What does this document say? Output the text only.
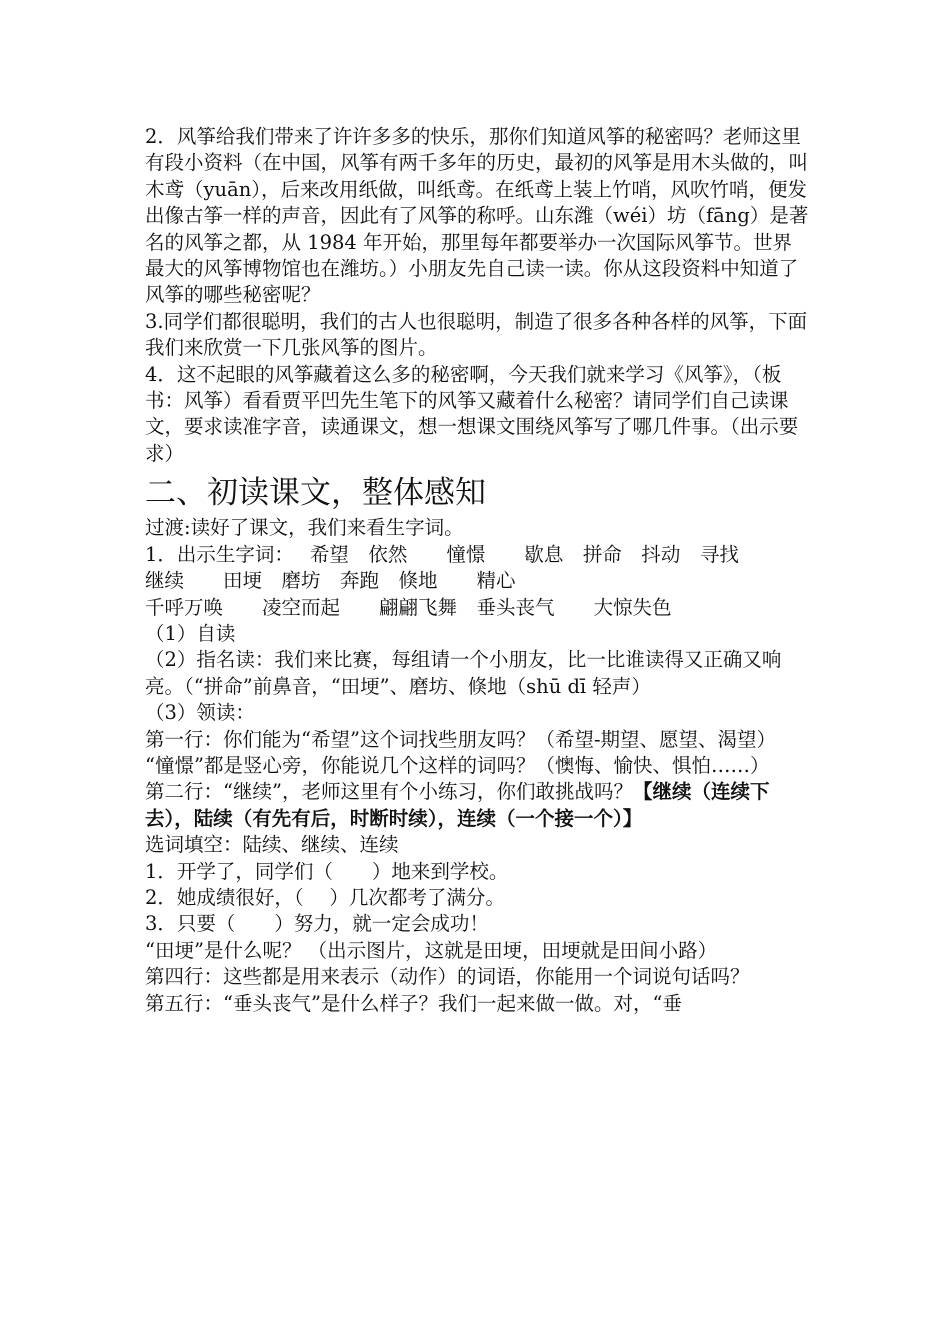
2．风筝给我们带来了许许多多的快乐，那你们知道风筝的秘密吗？老师这里有段小资料（在中国，风筝有两千多年的历史，最初的风筝是用木头做的，叫木鸢（yuān），后来改用纸做，叫纸鸢。在纸鸢上装上竹哨，风吹竹哨，便发出像古筝一样的声音，因此有了风筝的称呼。山东潍（wéi）坊（fāng）是著名的风筝之都，从 1984 年开始，那里每年都要举办一次国际风筝节。世界最大的风筝博物馆也在潍坊。）小朋友先自己读一读。你从这段资料中知道了风筝的哪些秘密呢？

3.同学们都很聪明，我们的古人也很聪明，制造了很多各种各样的风筝，下面我们来欣赏一下几张风筝的图片。

4．这不起眼的风筝藏着这么多的秘密啊，今天我们就来学习《风筝》，（板书：风筝）看看贾平凹先生笔下的风筝又藏着什么秘密？请同学们自己读课文，要求读准字音，读通课文，想一想课文围绕风筝写了哪几件事。（出示要求）

二、初读课文，整体感知

过渡:读好了课文，我们来看生字词。

1．出示生字词：　 希望　依然　　憧憬　　歇息　拼命　抖动　寻找

继续　　田埂　磨坊　奔跑　倏地　　精心

千呼万唤　　凌空而起　　翩翩飞舞　垂头丧气　　大惊失色

（1）自读

（2）指名读：我们来比赛，每组请一个小朋友，比一比谁读得又正确又响亮。（“拼命”前鼻音，“田埂”、磨坊、倏地（shū dī 轻声）

（3）领读：

第一行：你们能为“希望”这个词找些朋友吗？（希望-期望、愿望、渴望）

“憧憬”都是竖心旁，你能说几个这样的词吗？（懊悔、愉快、惧怕……）

第二行：“继续”，老师这里有个小练习，你们敢挑战吗？【继续（连续下去），陆续（有先有后，时断时续），连续（一个接一个）】

选词填空：陆续、继续、连续

1．开学了，同学们（　　）地来到学校。

2．她成绩很好，（　 ）几次都考了满分。

3．只要（　　）努力，就一定会成功！

“田埂”是什么呢？ （出示图片，这就是田埂，田埂就是田间小路）

第四行：这些都是用来表示（动作）的词语，你能用一个词说句话吗？

第五行：“垂头丧气”是什么样子？我们一起来做一做。对，“垂
